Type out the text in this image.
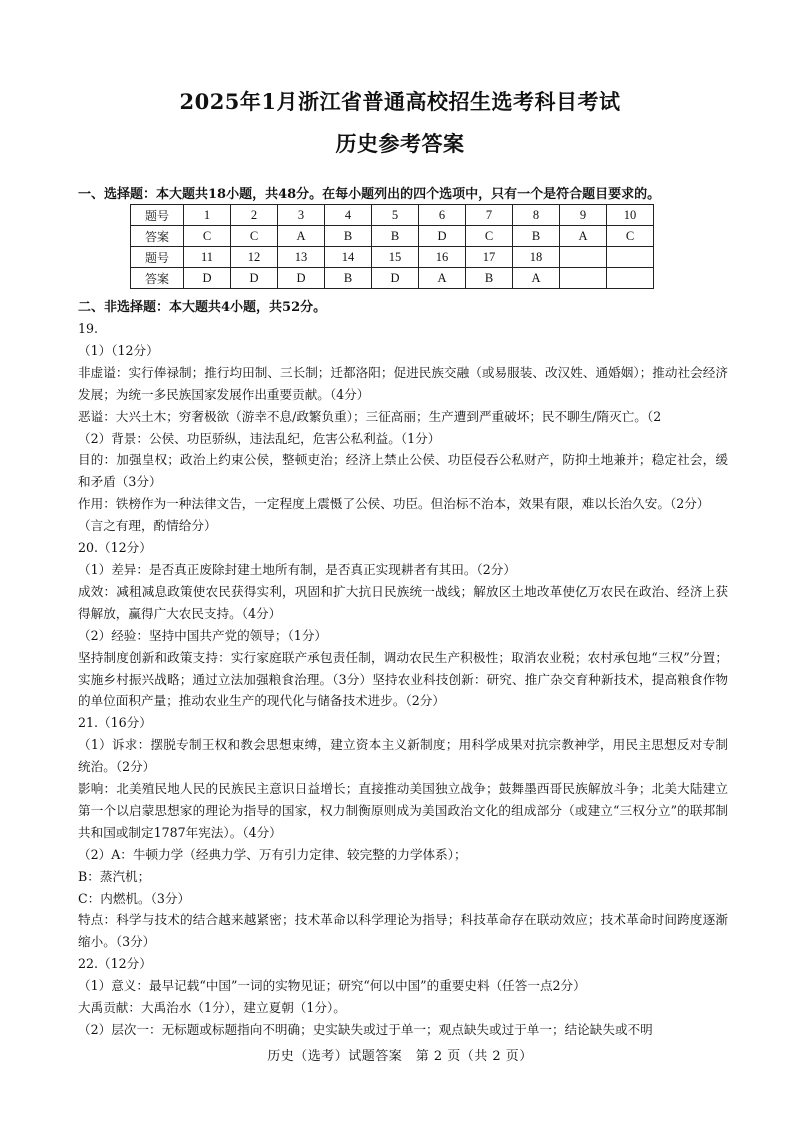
2025年1月浙江省普通高校招生选考科目考试
历史参考答案
一、选择题：本大题共18小题，共48分。在每小题列出的四个选项中，只有一个是符合题目要求的。
题号	1	2	3	4	5	6	7	8	9	10
答案	C	C	A	B	B	D	C	B	A	C
题号	11	12	13	14	15	16	17	18		
答案	D	D	D	B	D	A	B	A		
二、非选择题：本大题共4小题，共52分。

19.

（1）（12分）

非虚谥：实行俸禄制；推行均田制、三长制；迁都洛阳；促进民族交融（或易服装、改汉姓、通婚姻）；推动社会经济发展；为统一多民族国家发展作出重要贡献。（4分）

恶谥：大兴土木；穷奢极欲（游幸不息/政繁负重）；三征高丽；生产遭到严重破坏；民不聊生/隋灭亡。（2

（2）背景：公侯、功臣骄纵，违法乱纪，危害公私利益。（1分）

目的：加强皇权；政治上约束公侯，整顿吏治；经济上禁止公侯、功臣侵吞公私财产，防抑土地兼并；稳定社会，缓和矛盾（3分）

作用：铁榜作为一种法律文告，一定程度上震慑了公侯、功臣。但治标不治本，效果有限，难以长治久安。（2分）

（言之有理，酌情给分）

20.（12分）

（1）差异：是否真正废除封建土地所有制，是否真正实现耕者有其田。（2分）

成效：减租减息政策使农民获得实利，巩固和扩大抗日民族统一战线；解放区土地改革使亿万农民在政治、经济上获得解放，赢得广大农民支持。（4分）

（2）经验：坚持中国共产党的领导；（1分）

坚持制度创新和政策支持：实行家庭联产承包责任制，调动农民生产积极性；取消农业税；农村承包地“三权”分置；实施乡村振兴战略；通过立法加强粮食治理。（3分）坚持农业科技创新：研究、推广杂交育种新技术，提高粮食作物的单位面积产量；推动农业生产的现代化与储备技术进步。（2分）

21.（16分）

（1）诉求：摆脱专制王权和教会思想束缚，建立资本主义新制度；用科学成果对抗宗教神学，用民主思想反对专制统治。（2分）

影响：北美殖民地人民的民族民主意识日益增长；直接推动美国独立战争；鼓舞墨西哥民族解放斗争；北美大陆建立第一个以启蒙思想家的理论为指导的国家，权力制衡原则成为美国政治文化的组成部分（或建立“三权分立”的联邦制共和国或制定1787年宪法）。（4分）

（2）A：牛顿力学（经典力学、万有引力定律、较完整的力学体系）；

B：蒸汽机；

C：内燃机。（3分）

特点：科学与技术的结合越来越紧密；技术革命以科学理论为指导；科技革命存在联动效应；技术革命时间跨度逐渐缩小。（3分）

22.（12分）

（1）意义：最早记载“中国”一词的实物见证；研究“何以中国”的重要史料（任答一点2分）

大禹贡献：大禹治水（1分），建立夏朝（1分）。

（2）层次一：无标题或标题指向不明确；史实缺失或过于单一；观点缺失或过于单一；结论缺失或不明

历史（选考）试题答案　第 2 页（共 2 页）
